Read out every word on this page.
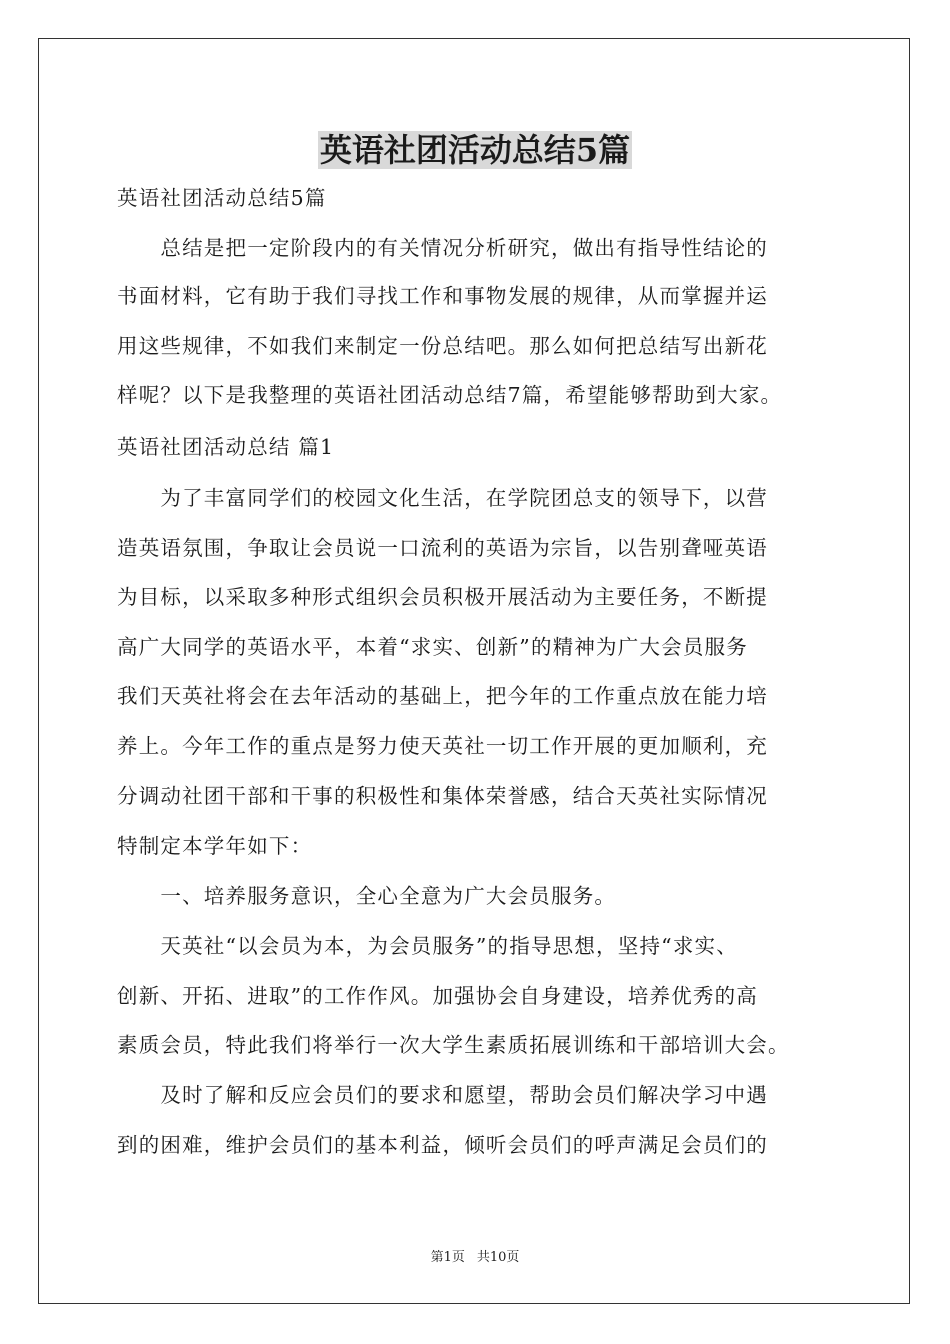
英语社团活动总结5篇

英语社团活动总结5篇

　　总结是把一定阶段内的有关情况分析研究，做出有指导性结论的

书面材料，它有助于我们寻找工作和事物发展的规律，从而掌握并运

用这些规律，不如我们来制定一份总结吧。那么如何把总结写出新花

样呢？以下是我整理的英语社团活动总结7篇，希望能够帮助到大家。

英语社团活动总结 篇1

　　为了丰富同学们的校园文化生活，在学院团总支的领导下，以营

造英语氛围，争取让会员说一口流利的英语为宗旨，以告别聋哑英语

为目标，以采取多种形式组织会员积极开展活动为主要任务，不断提

高广大同学的英语水平，本着“求实、创新”的精神为广大会员服务

我们天英社将会在去年活动的基础上，把今年的工作重点放在能力培

养上。今年工作的重点是努力使天英社一切工作开展的更加顺利，充

分调动社团干部和干事的积极性和集体荣誉感，结合天英社实际情况

特制定本学年如下：

　　一、培养服务意识，全心全意为广大会员服务。

　　天英社“以会员为本，为会员服务”的指导思想，坚持“求实、

创新、开拓、进取”的工作作风。加强协会自身建设，培养优秀的高

素质会员，特此我们将举行一次大学生素质拓展训练和干部培训大会。

　　及时了解和反应会员们的要求和愿望，帮助会员们解决学习中遇

到的困难，维护会员们的基本利益，倾听会员们的呼声满足会员们的

第1页 共10页
